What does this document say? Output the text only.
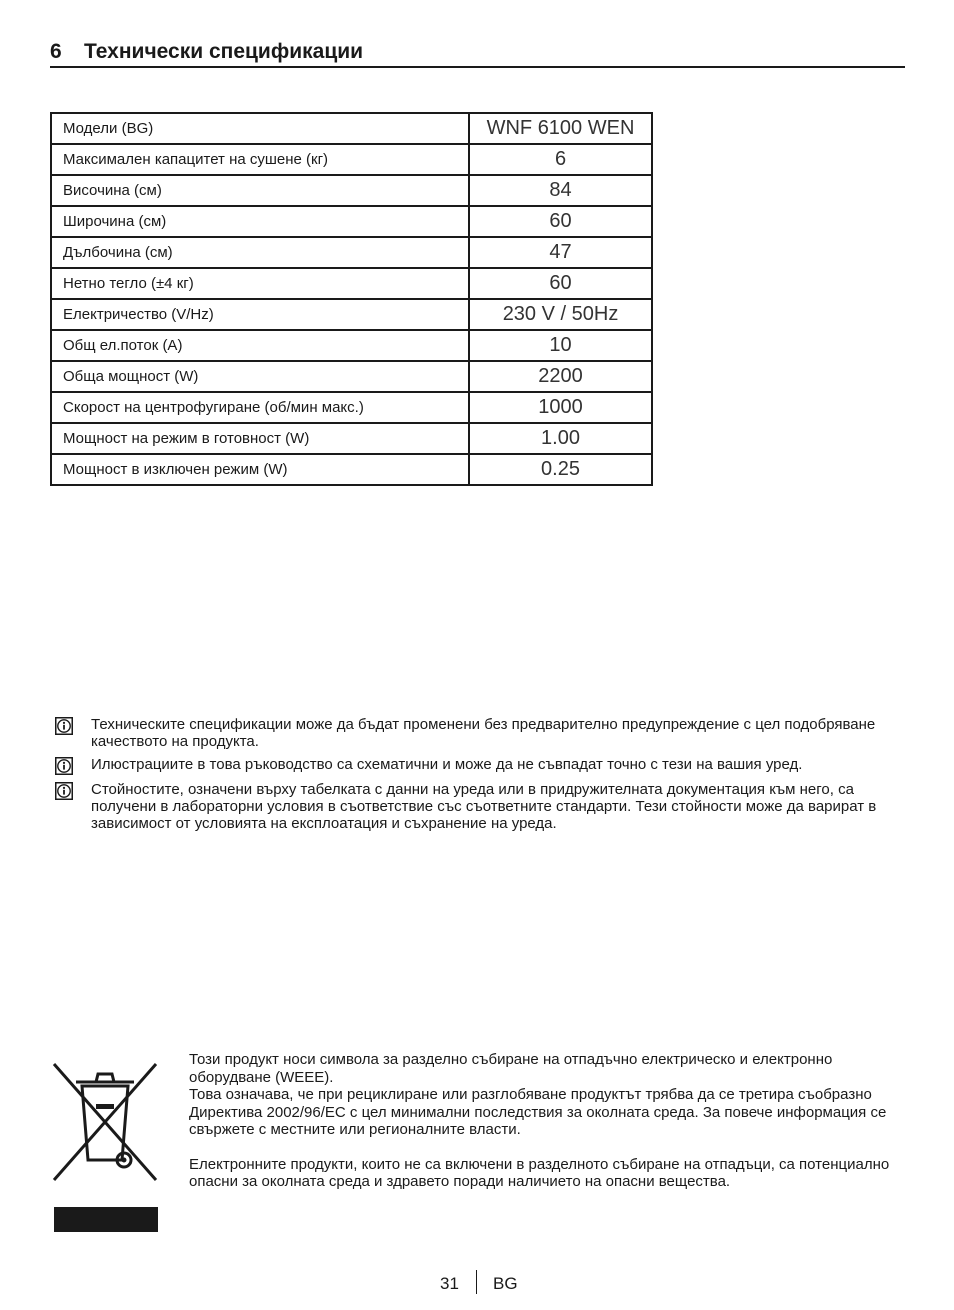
6 Технически спецификации
Модели (BG)	WNF 6100 WEN
Максимален капацитет на сушене (кг)	6
Височина (см)	84
Широчина (см)	60
Дълбочина (см)	47
Нетно тегло (±4 кг)	60
Електричество (V/Hz)	230 V / 50Hz
Общ ел.поток (A)	10
Обща мощност (W)	2200
Скорост на центрофугиране (об/мин макс.)	1000
Мощност на режим в готовност (W)	1.00
Мощност в изключен режим (W)	0.25
Техническите спецификации може да бъдат променени без предварително предупреждение с цел подобряване качеството на продукта.
Илюстрациите в това ръководство са схематични и може да не съвпадат точно с тези на вашия уред.
Стойностите, означени върху табелката с данни на уреда или в придружителната документация към него, са получени в лабораторни условия в съответствие със съответните стандарти. Тези стойности може да варират в зависимост от условията на експлоатация и съхранение на уреда.

Този продукт носи символа за разделно събиране на отпадъчно електрическо и електронно оборудване (WEEE).

Това означава, че при рециклиране или разглобяване продуктът трябва да се третира съобразно Директива 2002/96/EC с цел минимални последствия за околната среда. За повече информация се свържете с местните или регионалните власти.

Електронните продукти, които не са включени в разделното събиране на отпадъци, са потенциално опасни за околната среда и здравето поради наличието на опасни вещества.

31 BG
